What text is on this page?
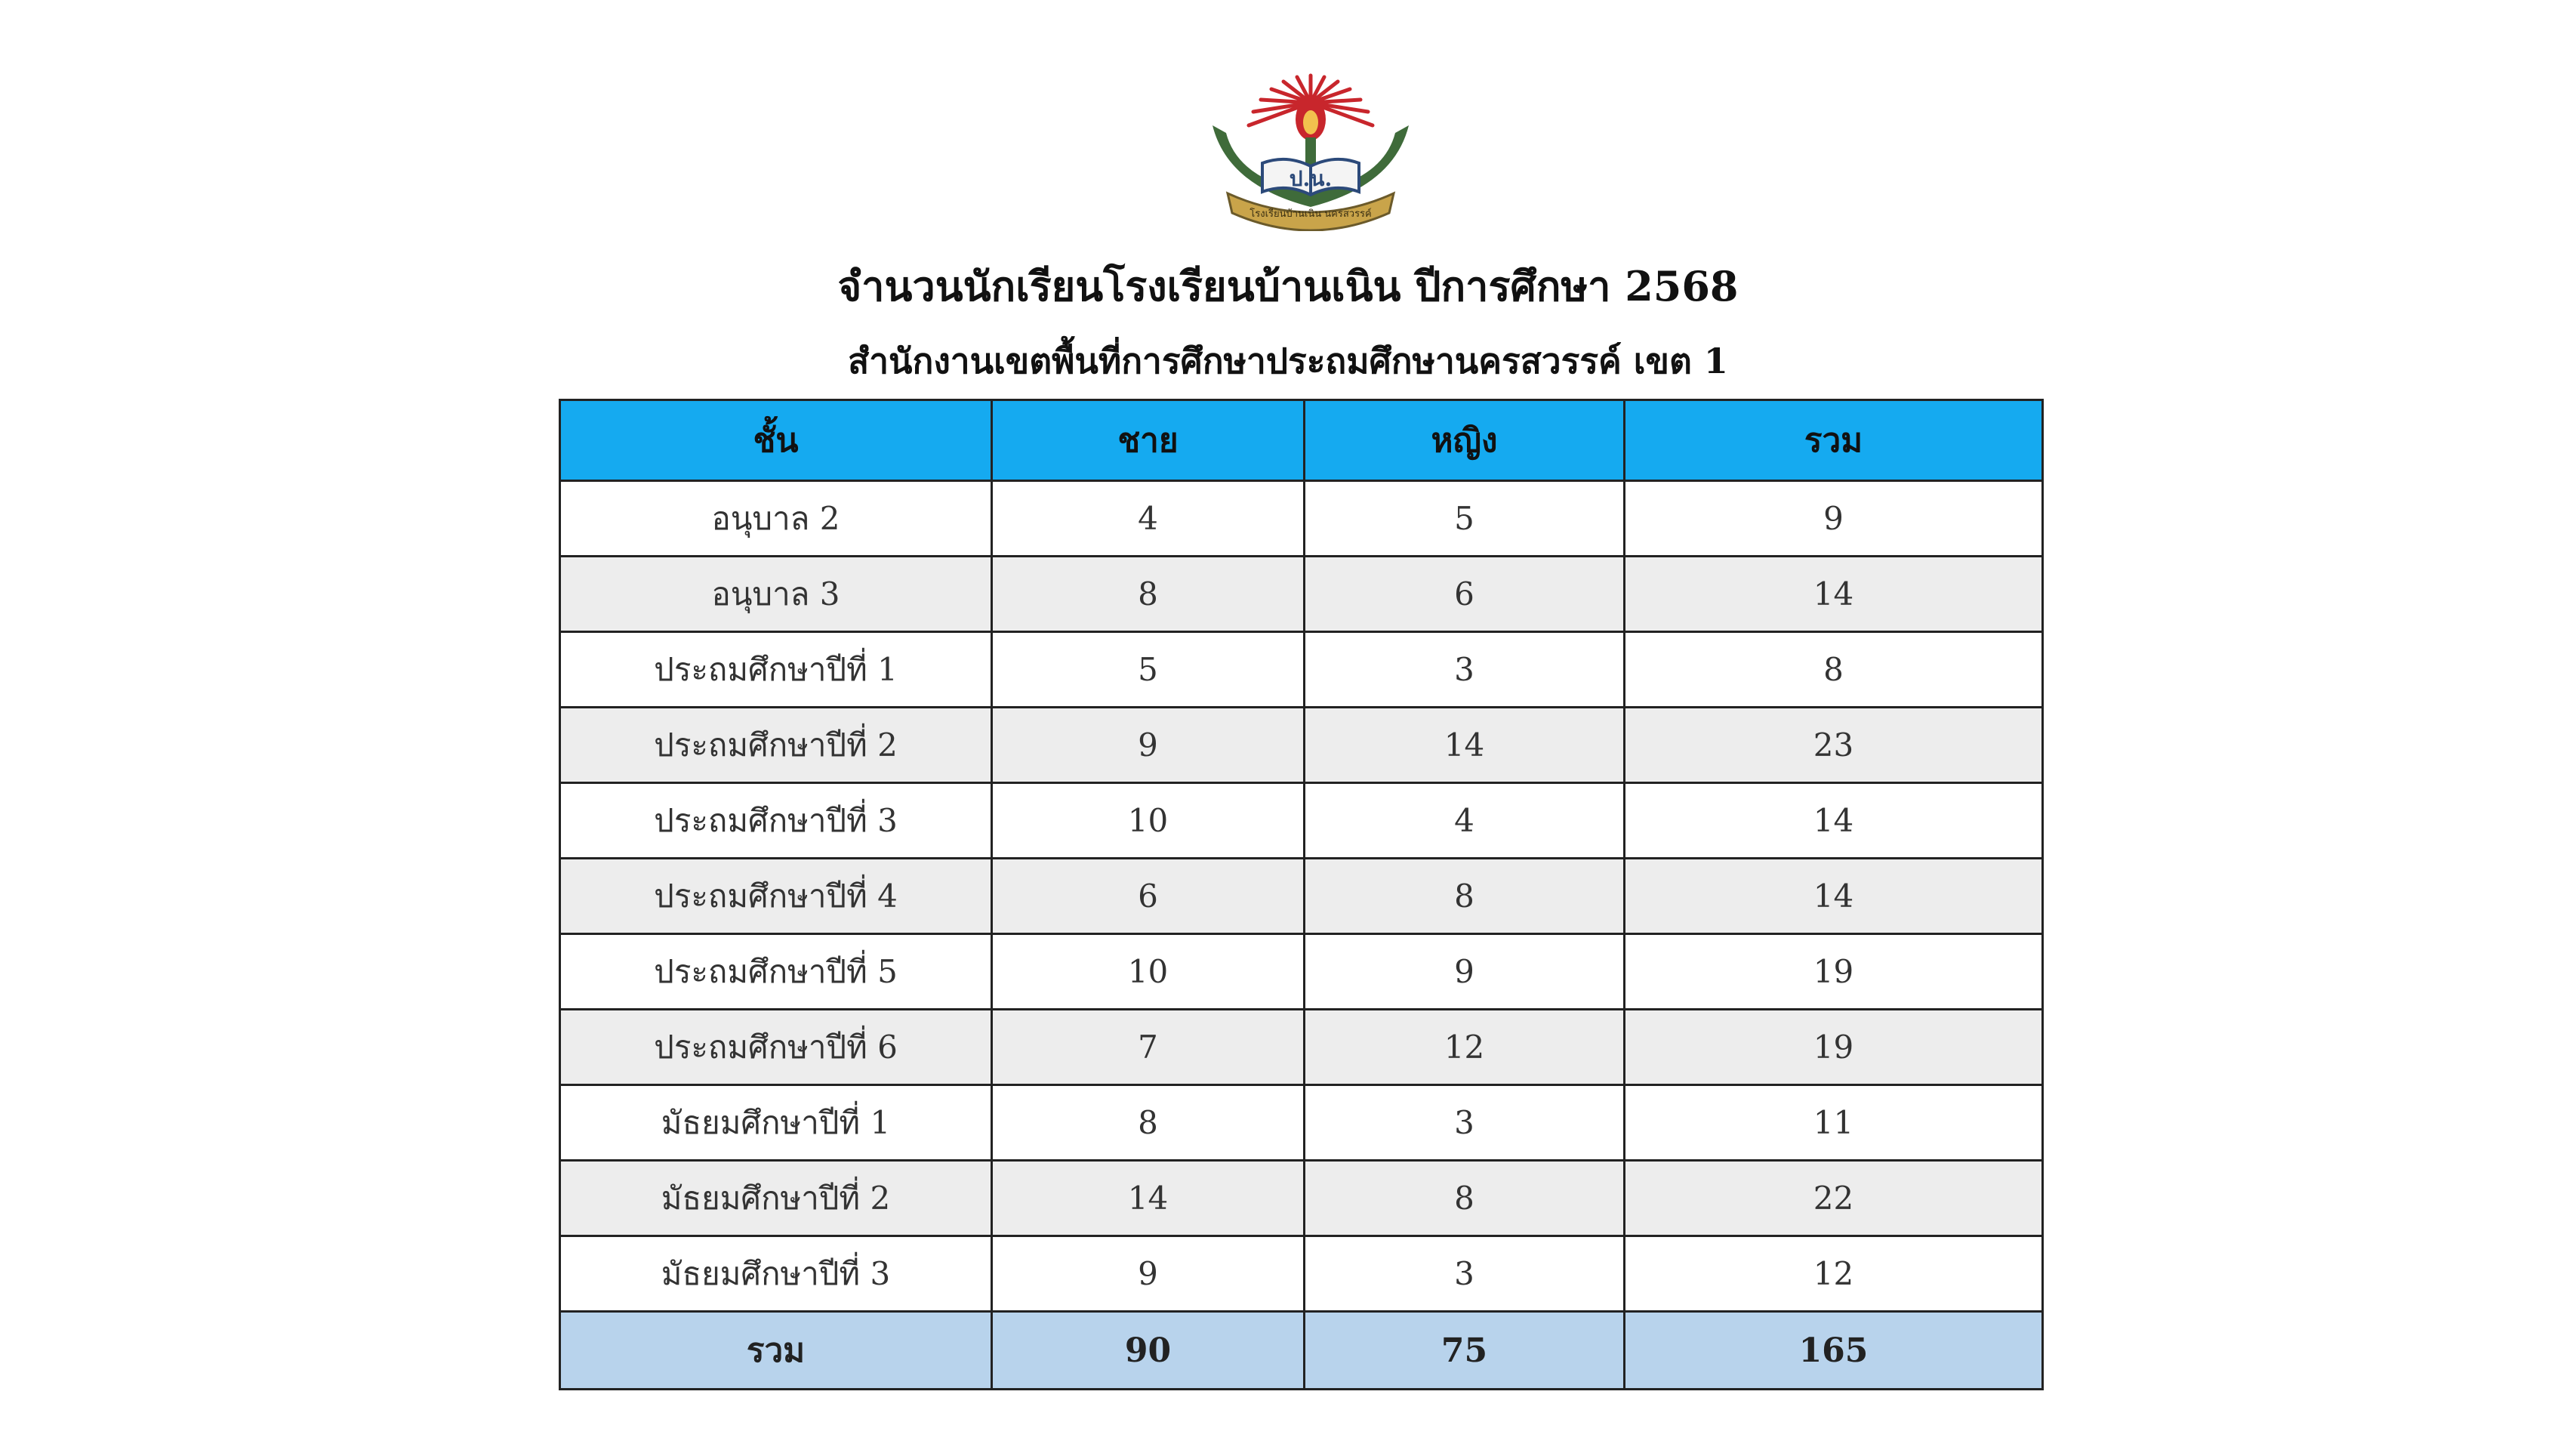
ป.น.
โรงเรียนบ้านเนิน นครสวรรค์
จำนวนนักเรียนโรงเรียนบ้านเนิน ปีการศึกษา 2568
สำนักงานเขตพื้นที่การศึกษาประถมศึกษานครสวรรค์ เขต 1
ชั้น	ชาย	หญิง	รวม
อนุบาล 2	4	5	9
อนุบาล 3	8	6	14
ประถมศึกษาปีที่ 1	5	3	8
ประถมศึกษาปีที่ 2	9	14	23
ประถมศึกษาปีที่ 3	10	4	14
ประถมศึกษาปีที่ 4	6	8	14
ประถมศึกษาปีที่ 5	10	9	19
ประถมศึกษาปีที่ 6	7	12	19
มัธยมศึกษาปีที่ 1	8	3	11
มัธยมศึกษาปีที่ 2	14	8	22
มัธยมศึกษาปีที่ 3	9	3	12
รวม	90	75	165
